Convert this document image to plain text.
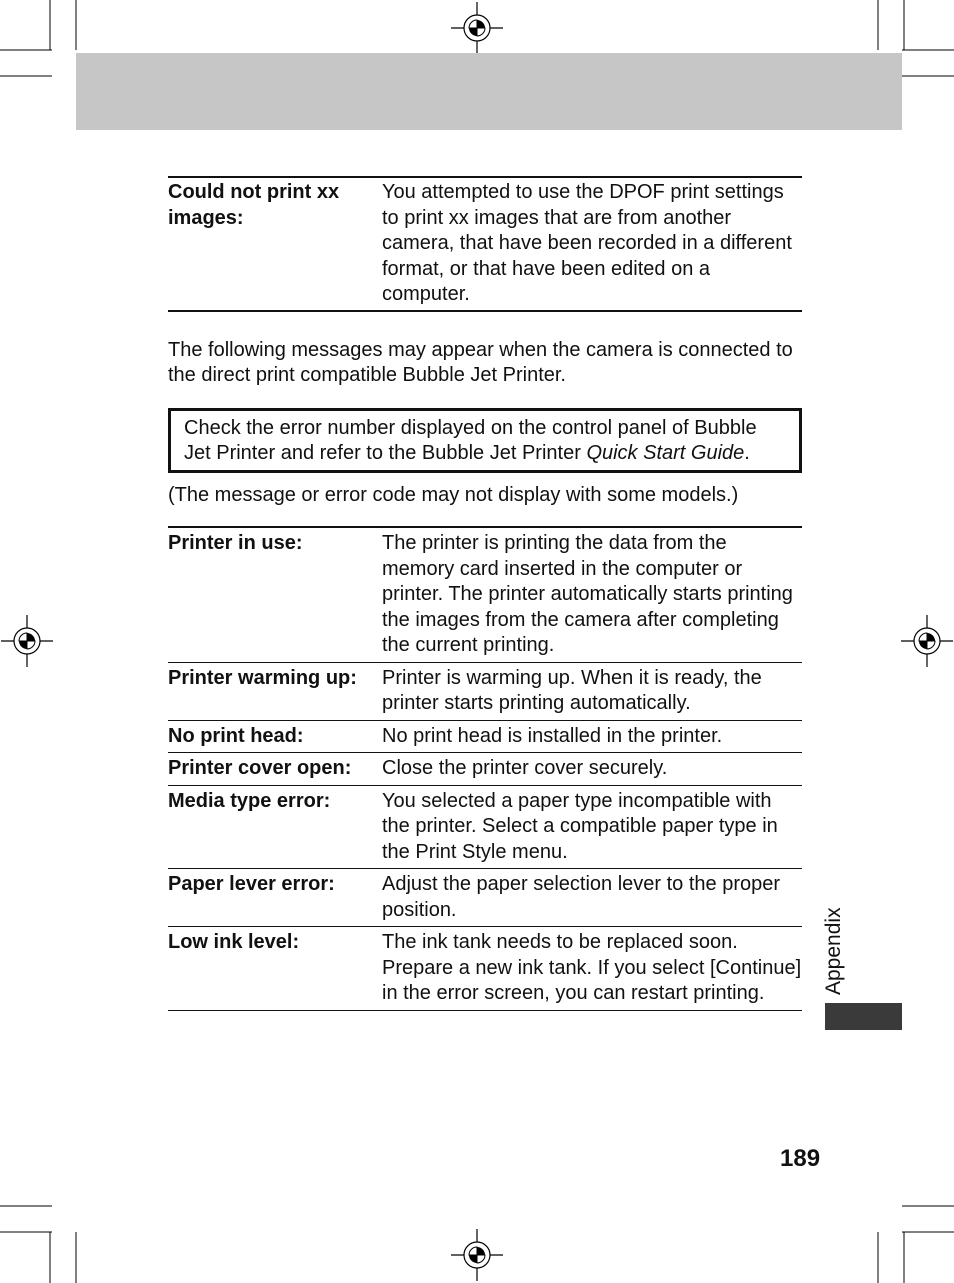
Could not print xx images:	You attempted to use the DPOF print settings to print xx images that are from another camera, that have been recorded in a different format, or that have been edited on a computer.

The following messages may appear when the camera is connected to the direct print compatible Bubble Jet Printer.

Check the error number displayed on the control panel of Bubble Jet Printer and refer to the Bubble Jet Printer Quick Start Guide.

(The message or error code may not display with some models.)

Printer in use:	The printer is printing the data from the memory card inserted in the computer or printer. The printer automatically starts printing the images from the camera after completing the current printing.
Printer warming up:	Printer is warming up. When it is ready, the printer starts printing automatically.
No print head:	No print head is installed in the printer.
Printer cover open:	Close the printer cover securely.
Media type error:	You selected a paper type incompatible with the printer. Select a compatible paper type in the Print Style menu.
Paper lever error:	Adjust the paper selection lever to the proper position.
Low ink level:	The ink tank needs to be replaced soon. Prepare a new ink tank. If you select [Continue] in the error screen, you can restart printing.	Appendix
189
